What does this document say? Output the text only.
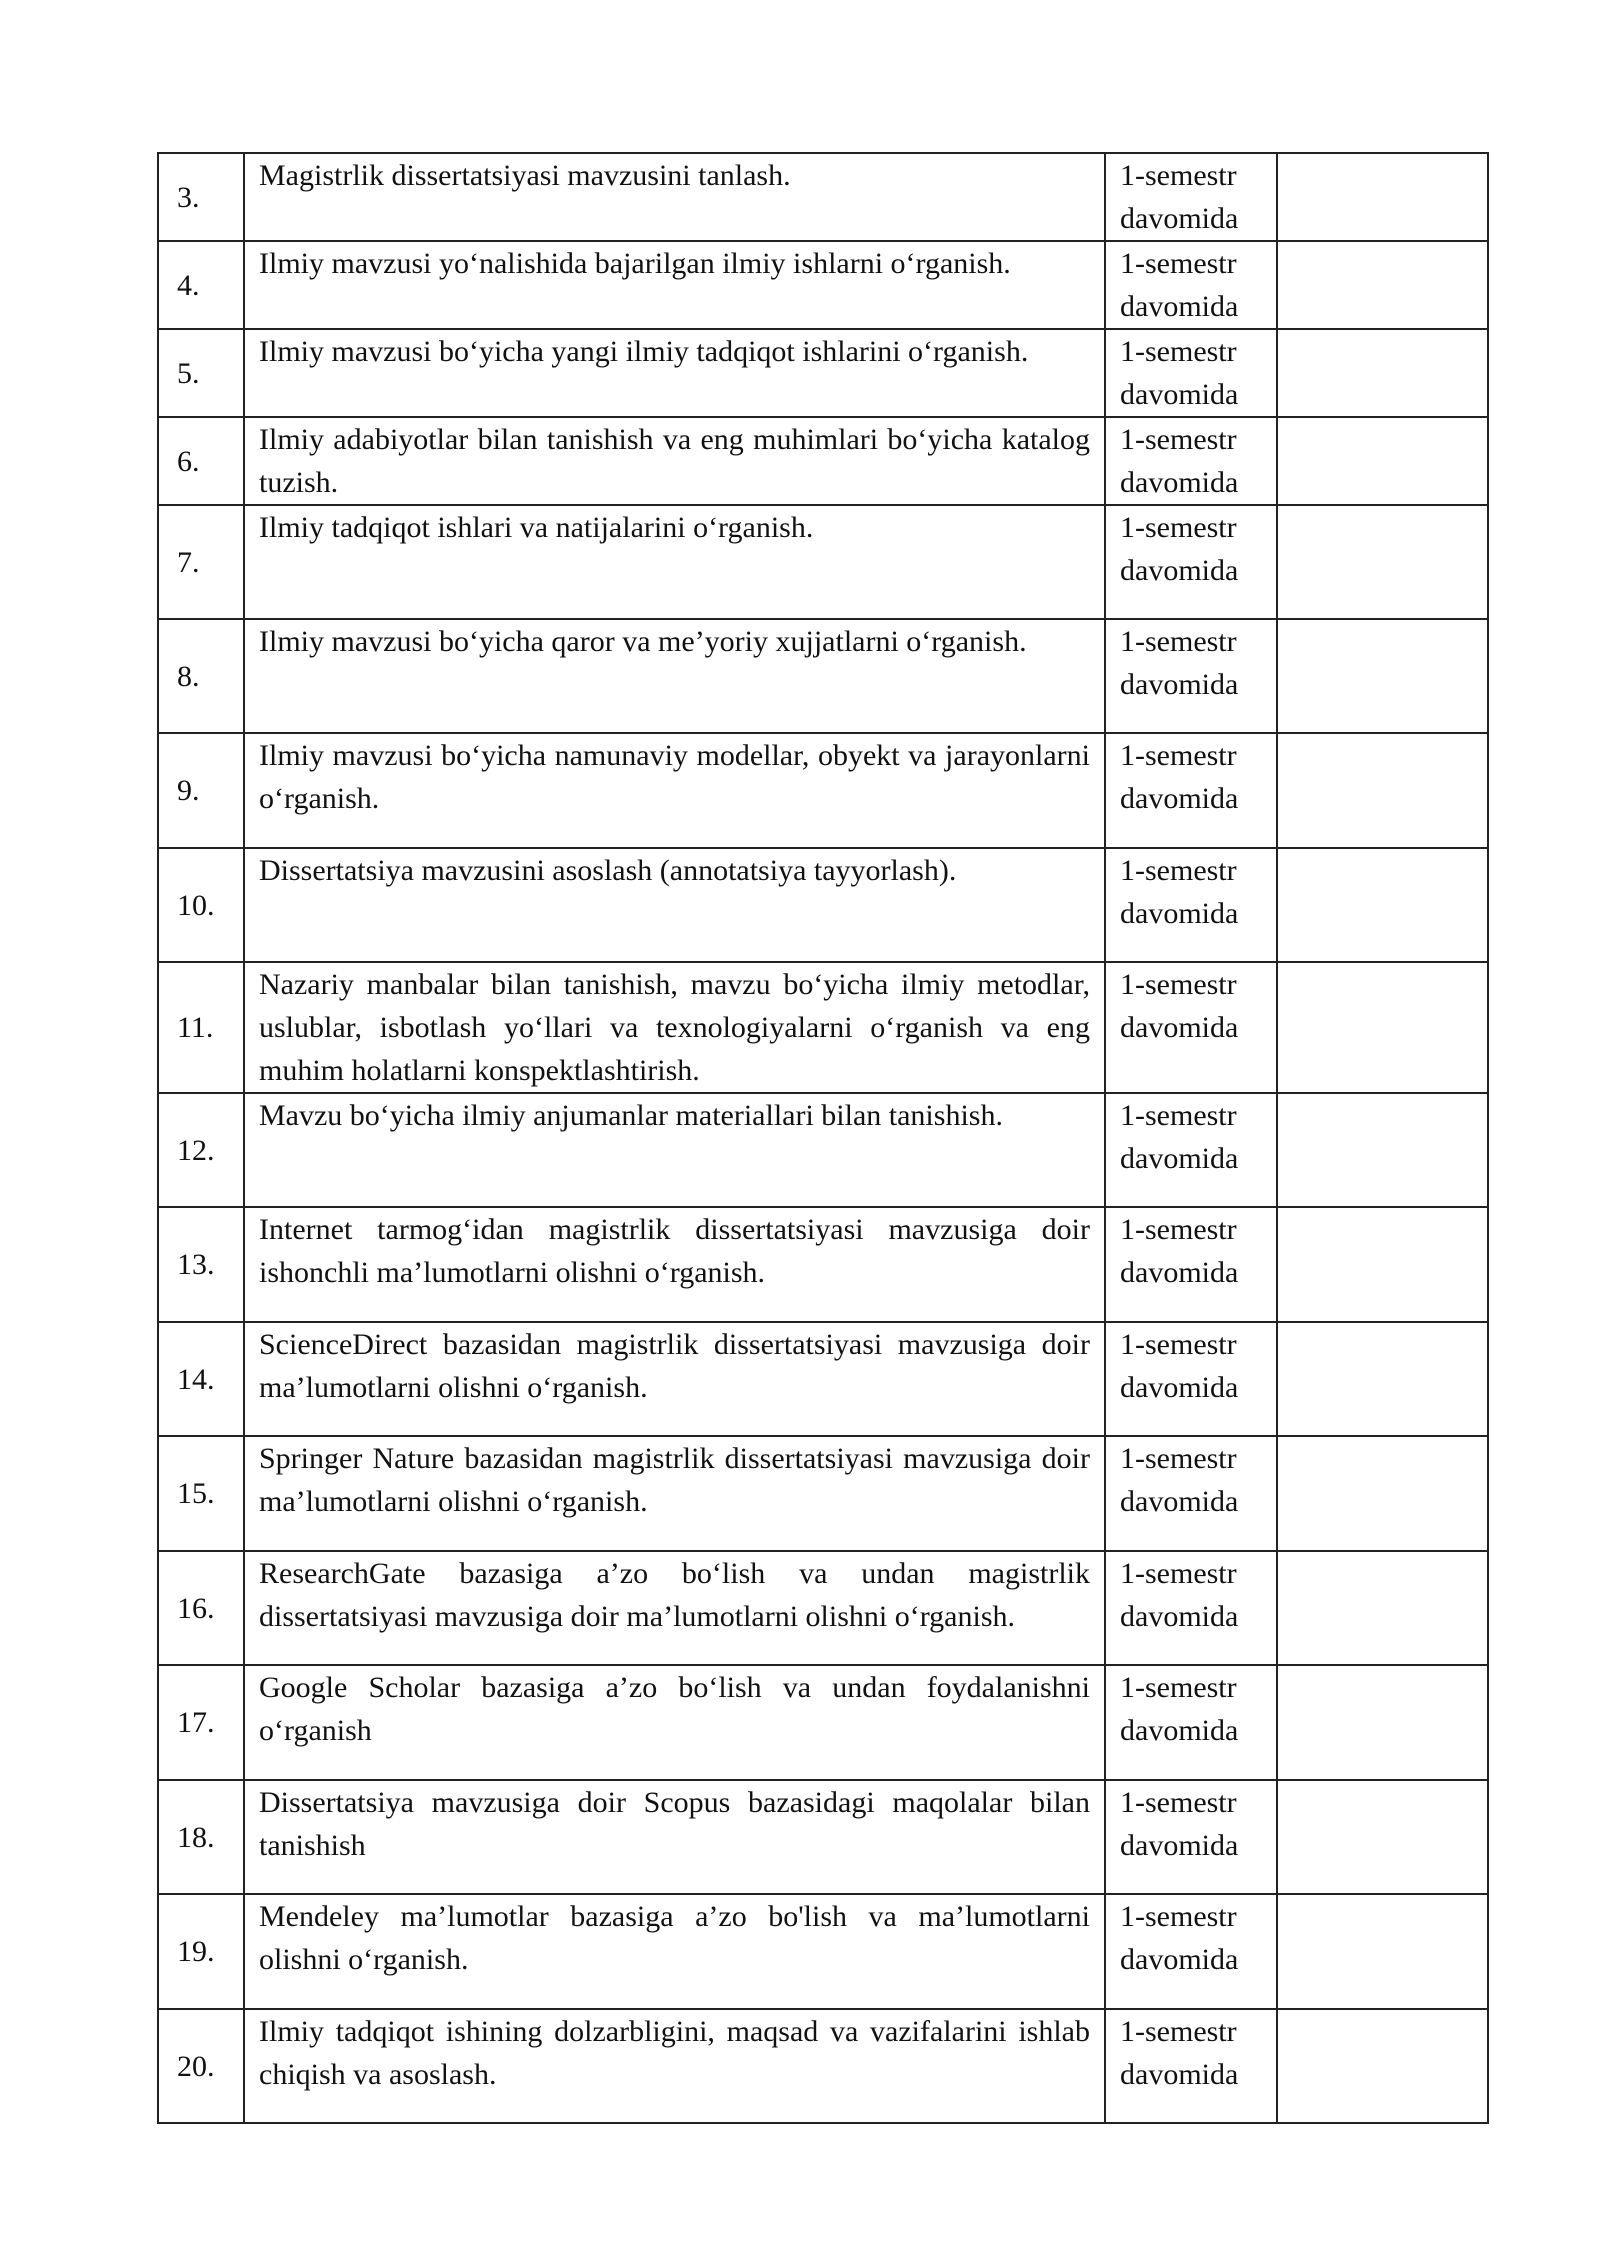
3.	Magistrlik dissertatsiyasi mavzusini tanlash.	1-semestr davomida	
4.	Ilmiy mavzusi yo‘nalishida bajarilgan ilmiy ishlarni o‘rganish.	1-semestr davomida	
5.	Ilmiy mavzusi bo‘yicha yangi ilmiy tadqiqot ishlarini o‘rganish.	1-semestr davomida	
6.	Ilmiy adabiyotlar bilan tanishish va eng muhimlari bo‘yicha katalog tuzish.	1-semestr davomida	
7.	Ilmiy tadqiqot ishlari va natijalarini o‘rganish.	1-semestr davomida	
8.	Ilmiy mavzusi bo‘yicha qaror va me’yoriy xujjatlarni o‘rganish.	1-semestr davomida	
9.	Ilmiy mavzusi bo‘yicha namunaviy modellar, obyekt va jarayonlarni o‘rganish.	1-semestr davomida	
10.	Dissertatsiya mavzusini asoslash (annotatsiya tayyorlash).	1-semestr davomida	
11.	Nazariy manbalar bilan tanishish, mavzu bo‘yicha ilmiy metodlar, uslublar, isbotlash yo‘llari va texnologiyalarni o‘rganish va eng muhim holatlarni konspektlashtirish.	1-semestr davomida	
12.	Mavzu bo‘yicha ilmiy anjumanlar materiallari bilan tanishish.	1-semestr davomida	
13.	Internet tarmog‘idan magistrlik dissertatsiyasi mavzusiga doir ishonchli ma’lumotlarni olishni o‘rganish.	1-semestr davomida	
14.	ScienceDirect bazasidan magistrlik dissertatsiyasi mavzusiga doir ma’lumotlarni olishni o‘rganish.	1-semestr davomida	
15.	Springer Nature bazasidan magistrlik dissertatsiyasi mavzusiga doir ma’lumotlarni olishni o‘rganish.	1-semestr davomida	
16.	ResearchGate bazasiga a’zo bo‘lish va undan magistrlik dissertatsiyasi mavzusiga doir ma’lumotlarni olishni o‘rganish.	1-semestr davomida	
17.	Google Scholar bazasiga a’zo bo‘lish va undan foydalanishni o‘rganish	1-semestr davomida	
18.	Dissertatsiya mavzusiga doir Scopus bazasidagi maqolalar bilan tanishish	1-semestr davomida	
19.	Mendeley ma’lumotlar bazasiga a’zo bo'lish va ma’lumotlarni olishni o‘rganish.	1-semestr davomida	
20.	Ilmiy tadqiqot ishining dolzarbligini, maqsad va vazifalarini ishlab chiqish va asoslash.	1-semestr davomida	
